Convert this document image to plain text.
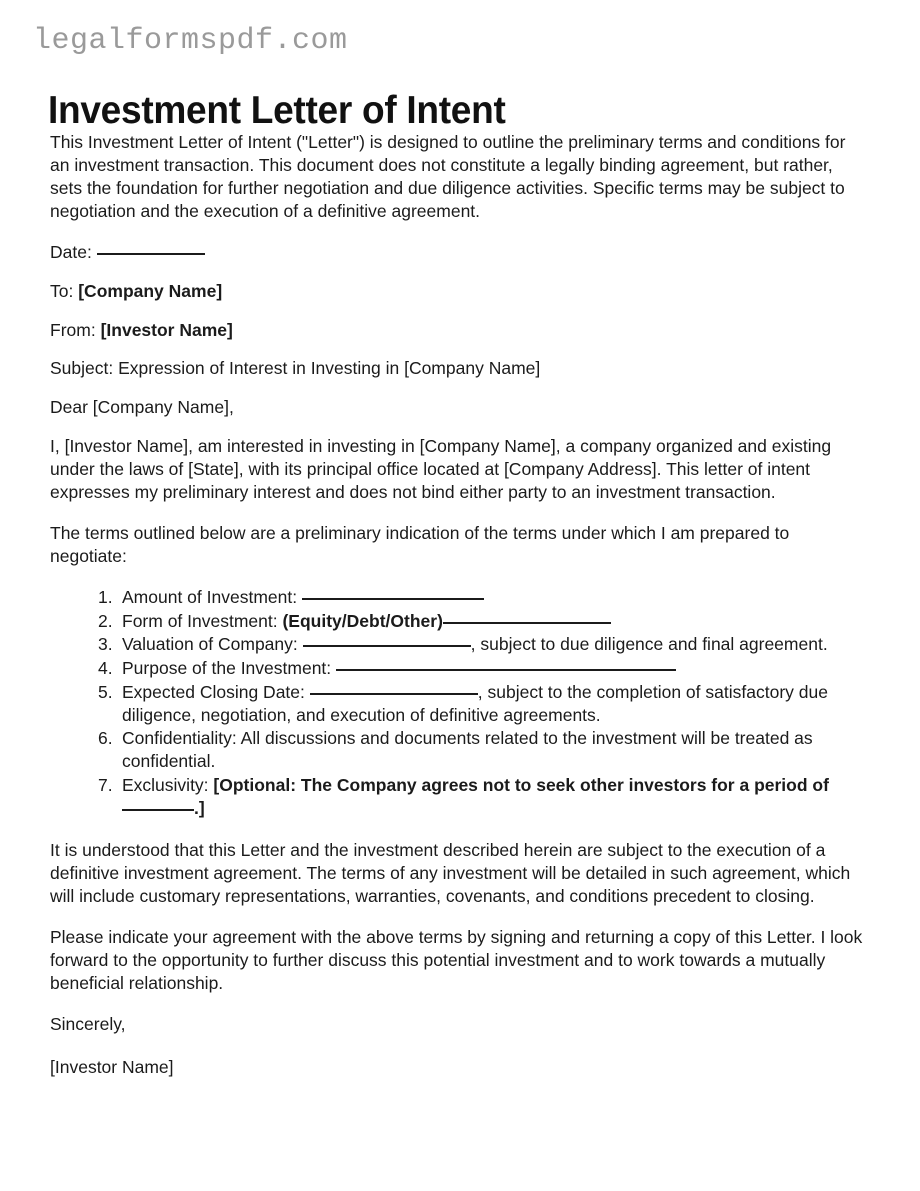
legalformspdf.com
Investment Letter of Intent

This Investment Letter of Intent ("Letter") is designed to outline the preliminary terms and conditions for an investment transaction. This document does not constitute a legally binding agreement, but rather, sets the foundation for further negotiation and due diligence activities. Specific terms may be subject to negotiation and the execution of a definitive agreement.

Date:

To: [Company Name]

From: [Investor Name]

Subject: Expression of Interest in Investing in [Company Name]

Dear [Company Name],

I, [Investor Name], am interested in investing in [Company Name], a company organized and existing under the laws of [State], with its principal office located at [Company Address]. This letter of intent expresses my preliminary interest and does not bind either party to an investment transaction.

The terms outlined below are a preliminary indication of the terms under which I am prepared to negotiate:

Amount of Investment:
Form of Investment: (Equity/Debt/Other)
Valuation of Company:	, subject to due diligence and final agreement.
Purpose of the Investment:
Expected Closing Date:	, subject to the completion of satisfactory due diligence, negotiation, and execution of definitive agreements.
Confidentiality: All discussions and documents related to the investment will be treated as confidential.
Exclusivity: [Optional: The Company agrees not to seek other investors for a period of .]

It is understood that this Letter and the investment described herein are subject to the execution of a definitive investment agreement. The terms of any investment will be detailed in such agreement, which will include customary representations, warranties, covenants, and conditions precedent to closing.

Please indicate your agreement with the above terms by signing and returning a copy of this Letter. I look forward to the opportunity to further discuss this potential investment and to work towards a mutually beneficial relationship.

Sincerely,

[Investor Name]
